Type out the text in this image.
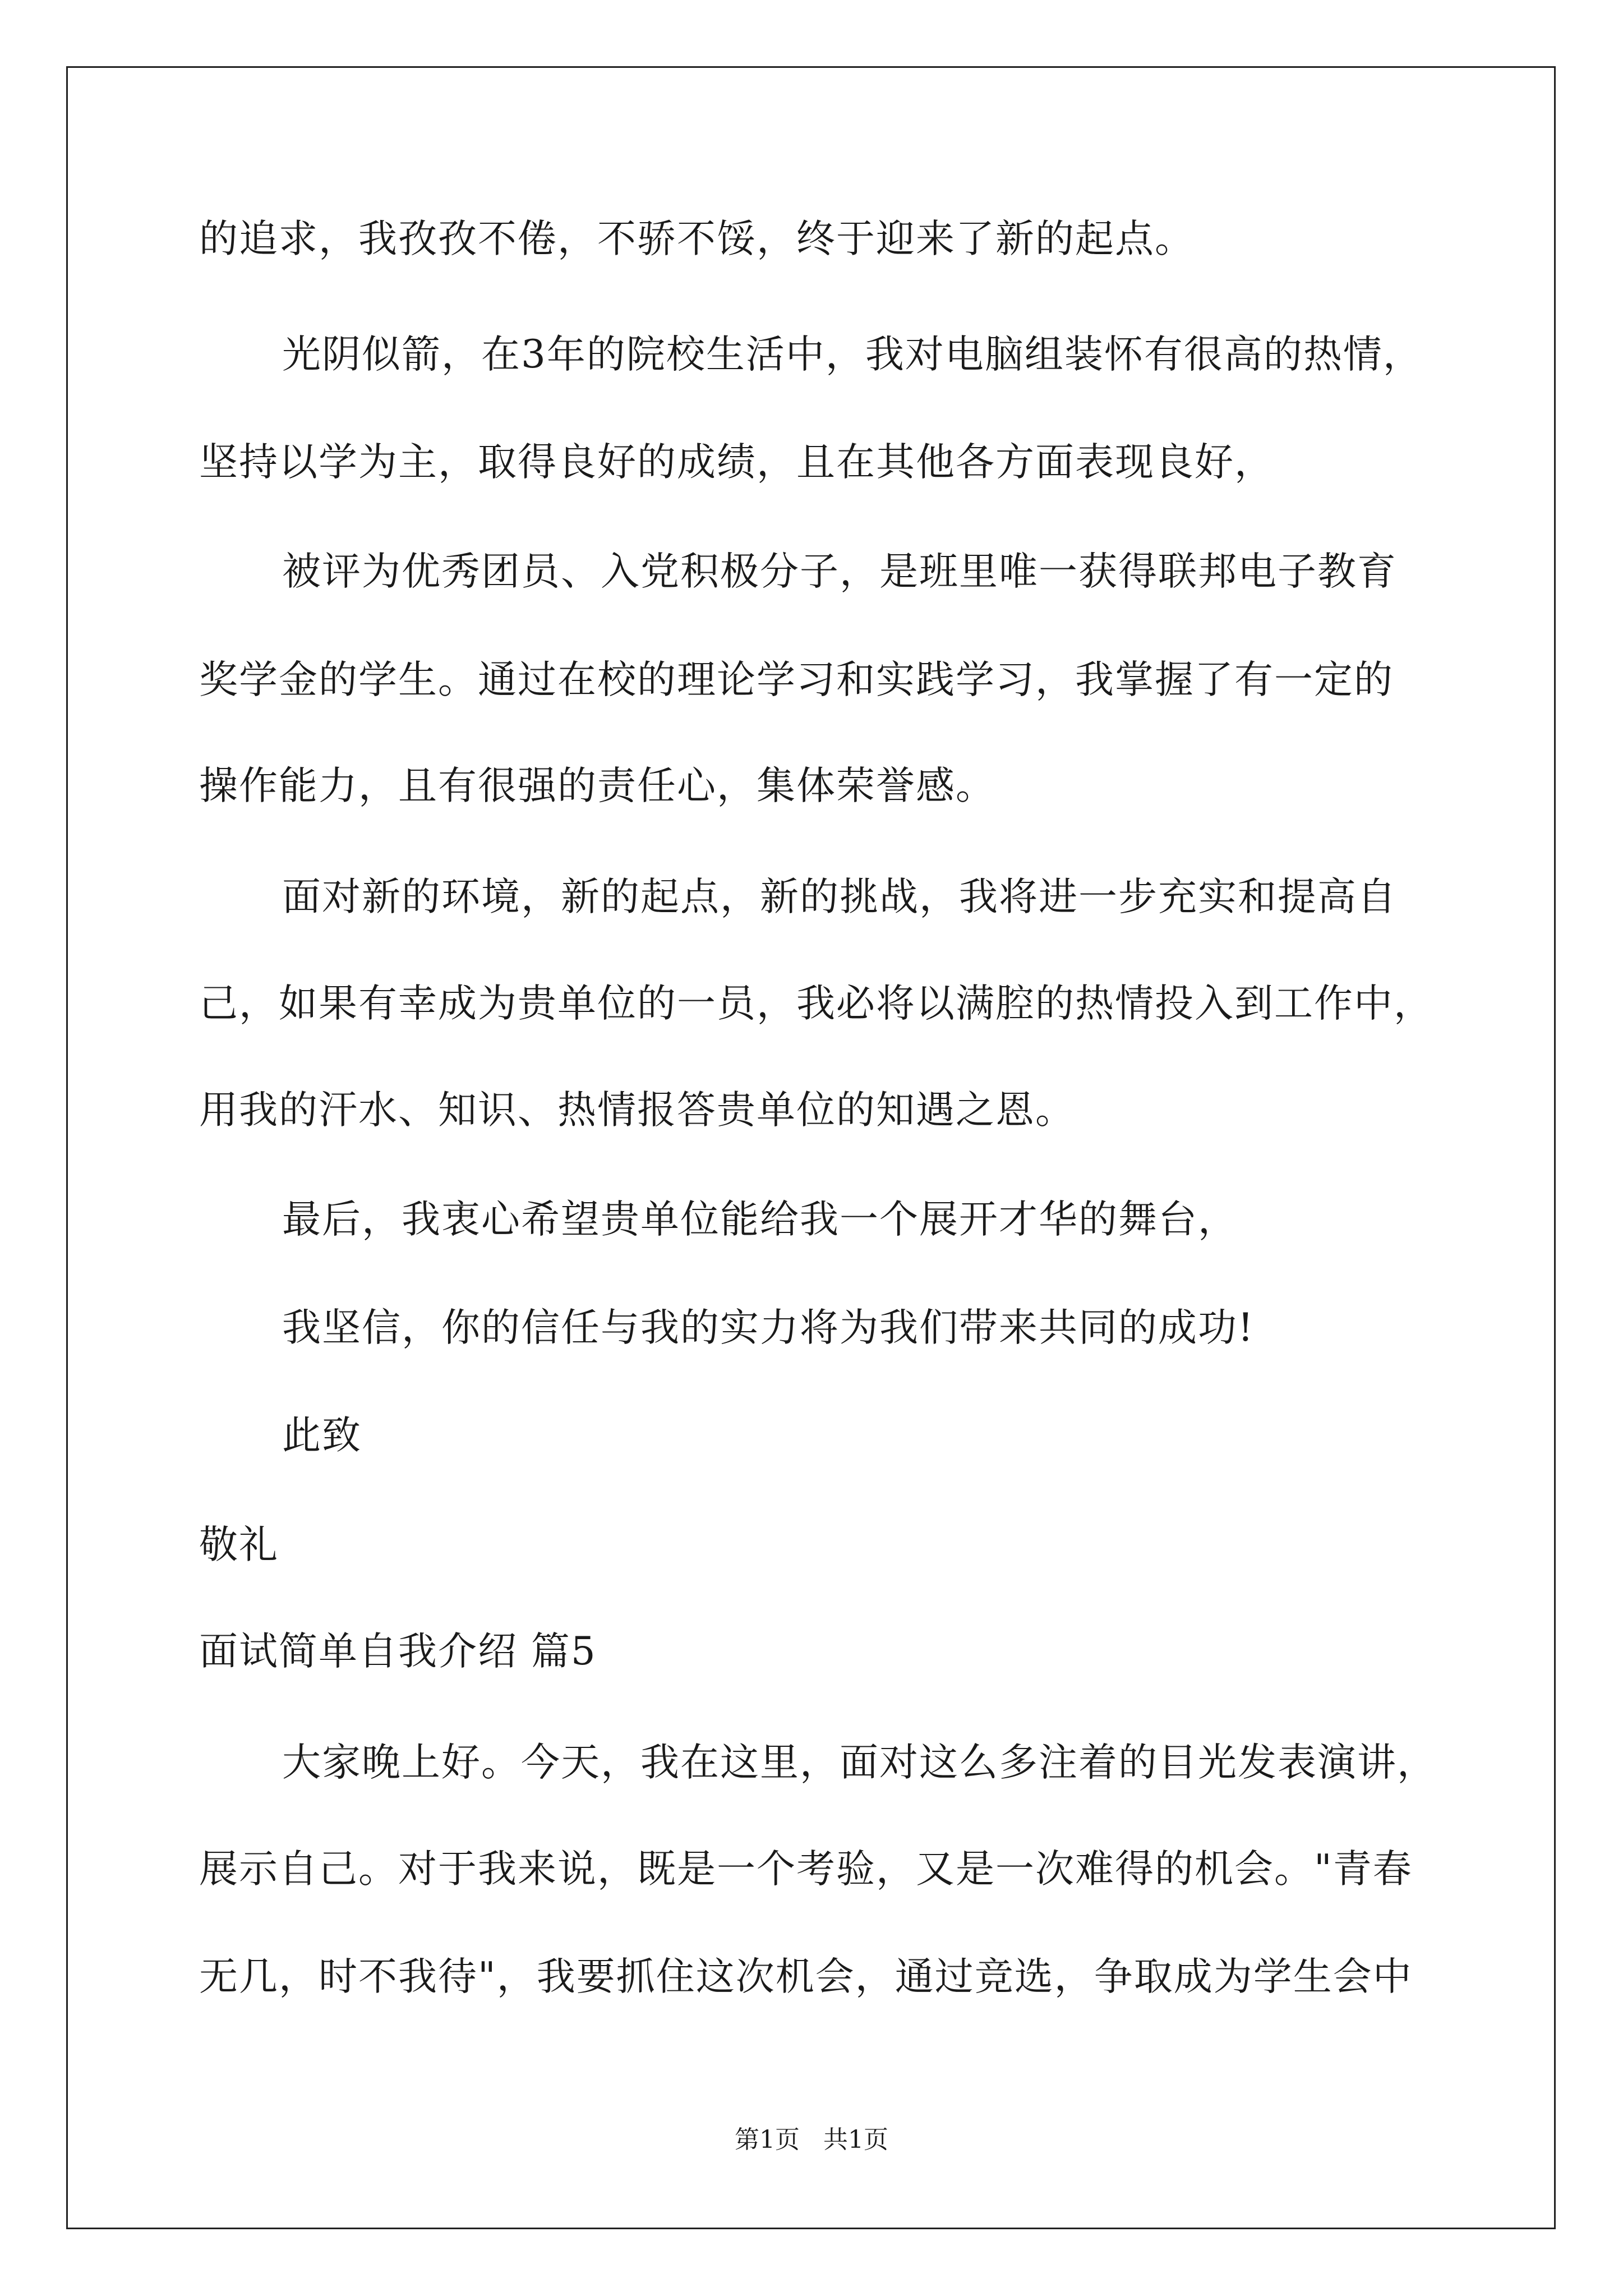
的追求，我孜孜不倦，不骄不馁，终于迎来了新的起点。
光阴似箭，在3年的院校生活中，我对电脑组装怀有很高的热情，
坚持以学为主，取得良好的成绩，且在其他各方面表现良好，
被评为优秀团员、入党积极分子，是班里唯一获得联邦电子教育
奖学金的学生。通过在校的理论学习和实践学习，我掌握了有一定的
操作能力，且有很强的责任心，集体荣誉感。
面对新的环境，新的起点，新的挑战，我将进一步充实和提高自
己，如果有幸成为贵单位的一员，我必将以满腔的热情投入到工作中，
用我的汗水、知识、热情报答贵单位的知遇之恩。
最后，我衷心希望贵单位能给我一个展开才华的舞台，
我坚信，你的信任与我的实力将为我们带来共同的成功!
此致
敬礼
面试简单自我介绍 篇5
大家晚上好。今天，我在这里，面对这么多注着的目光发表演讲，
展示自己。对于我来说，既是一个考验，又是一次难得的机会。"青春
无几，时不我待"，我要抓住这次机会，通过竞选，争取成为学生会中
第1页 共1页
